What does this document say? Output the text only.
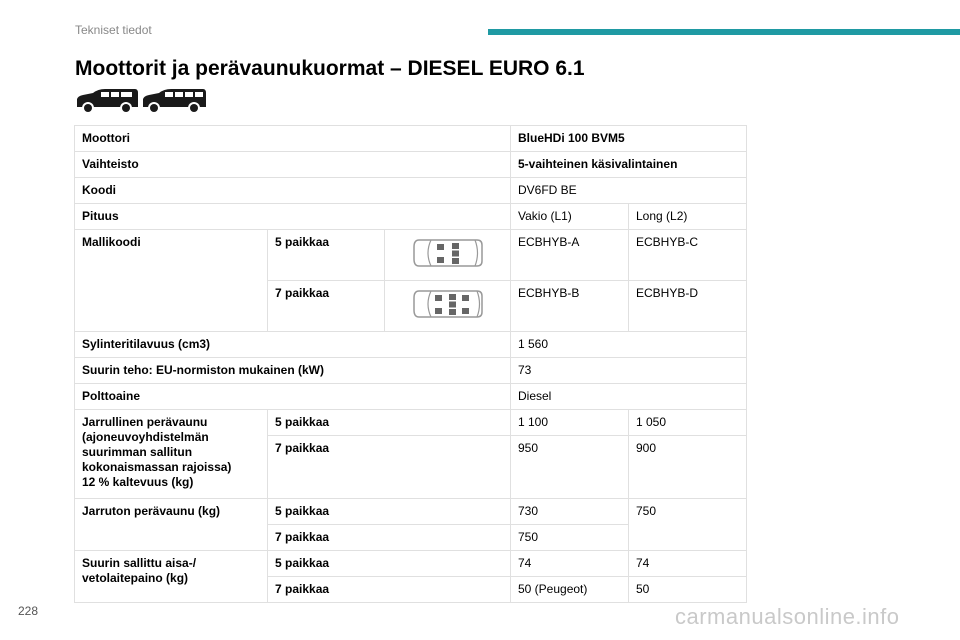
Tekniset tiedot
Moottorit ja perävaunukuormat – DIESEL EURO 6.1
Moottori			BlueHDi 100 BVM5	
Vaihteisto			5-vaihteinen käsivalintainen	
Koodi			DV6FD BE	
Pituus			Vakio (L1)	Long (L2)
Mallikoodi	5 paikkaa		ECBHYB-A	ECBHYB-C
	7 paikkaa		ECBHYB-B	ECBHYB-D
Sylinteritilavuus (cm3)			1 560	
Suurin teho: EU-normiston mukainen (kW)			73	
Polttoaine			Diesel	
Jarrullinen perävaunu
(ajoneuvoyhdistelmän
suurimman sallitun
kokonaismassan rajoissa)
12 % kaltevuus (kg)	5 paikkaa		1 100	1 050
	7 paikkaa		950	900
Jarruton perävaunu (kg)	5 paikkaa		730	750
	7 paikkaa		750	
Suurin sallittu aisa-/
vetolaitepaino (kg)	5 paikkaa		74	74
	7 paikkaa		50 (Peugeot)	50
228	carmanualsonline.info
